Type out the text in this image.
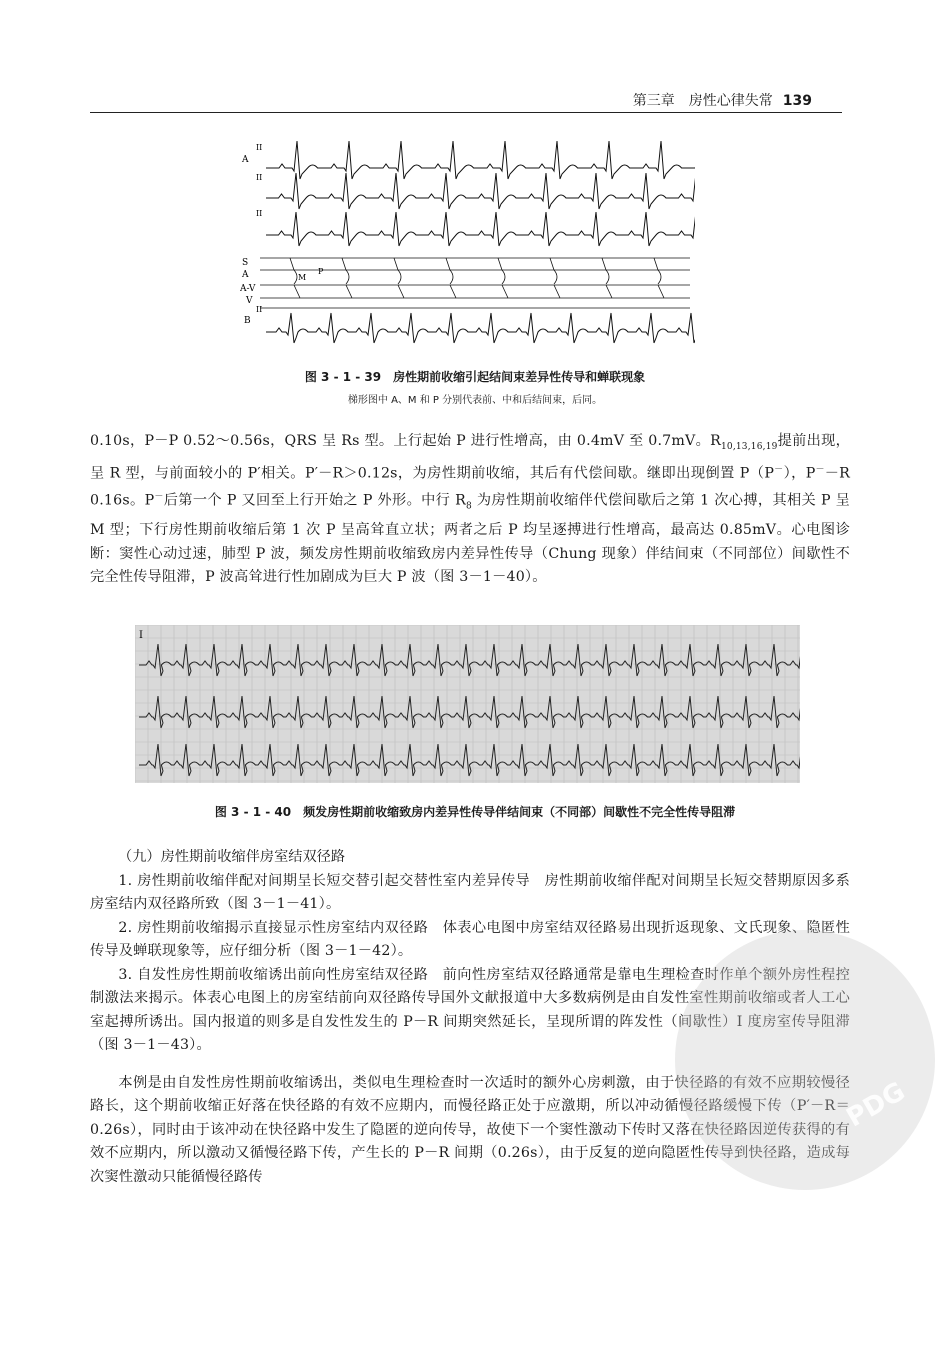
第三章　 房性心律失常 139
A
II
II
II
S
A
A-V
V
B
II
M
P
图 3 - 1 - 39　房性期前收缩引起结间束差异性传导和蝉联现象
梯形图中 A、M 和 P 分别代表前、中和后结间束，后同。

0.10s，P－P 0.52～0.56s，QRS 呈 Rs 型。上行起始 P 进行性增高，由 0.4mV 至 0.7mV。$R_{10,13,16,19}$提前出现，呈 R 型，与前面较小的 P′相关。P′－R＞0.12s，为房性期前收缩，其后有代偿间歇。继即出现倒置 P（P－），P－－R 0.16s。P－后第一个 P 又回至上行开始之 P 外形。中行 $R_8$ 为房性期前收缩伴代偿间歇后之第 1 次心搏，其相关 P 呈 M 型；下行房性期前收缩后第 1 次 P 呈高耸直立状；两者之后 P 均呈逐搏进行性增高，最高达 0.85mV。心电图诊断：窦性心动过速，肺型 P 波，频发房性期前收缩致房内差异性传导（Chung 现象）伴结间束（不同部位）间歇性不完全性传导阻滞，P 波高耸进行性加剧成为巨大 P 波（图 3－1－40）。

I
图 3 - 1 - 40　频发房性期前收缩致房内差异性传导伴结间束（不同部）间歇性不完全性传导阻滞
（九）房性期前收缩伴房室结双径路

1. 房性期前收缩伴配对间期呈长短交替引起交替性室内差异传导　房性期前收缩伴配对间期呈长短交替期原因多系房室结内双径路所致（图 3－1－41）。

2. 房性期前收缩揭示直接显示性房室结内双径路　体表心电图中房室结双径路易出现折返现象、文氏现象、隐匿性传导及蝉联现象等，应仔细分析（图 3－1－42）。

3. 自发性房性期前收缩诱出前向性房室结双径路　前向性房室结双径路通常是靠电生理检查时作单个额外房性程控制激法来揭示。体表心电图上的房室结前向双径路传导国外文献报道中大多数病例是由自发性室性期前收缩或者人工心室起搏所诱出。国内报道的则多是自发性发生的 P－R 间期突然延长，呈现所谓的阵发性（间歇性）I 度房室传导阻滞（图 3－1－43）。

本例是由自发性房性期前收缩诱出，类似电生理检查时一次适时的额外心房刺激，由于快径路的有效不应期较慢径路长，这个期前收缩正好落在快径路的有效不应期内，而慢径路正处于应激期，所以冲动循慢径路缓慢下传（P′－R＝0.26s），同时由于该冲动在快径路中发生了隐匿的逆向传导，故使下一个窦性激动下传时又落在快径路因逆传获得的有效不应期内，所以激动又循慢径路下传，产生长的 P－R 间期（0.26s），由于反复的逆向隐匿性传导到快径路，造成每次窦性激动只能循慢径路传

PDG
